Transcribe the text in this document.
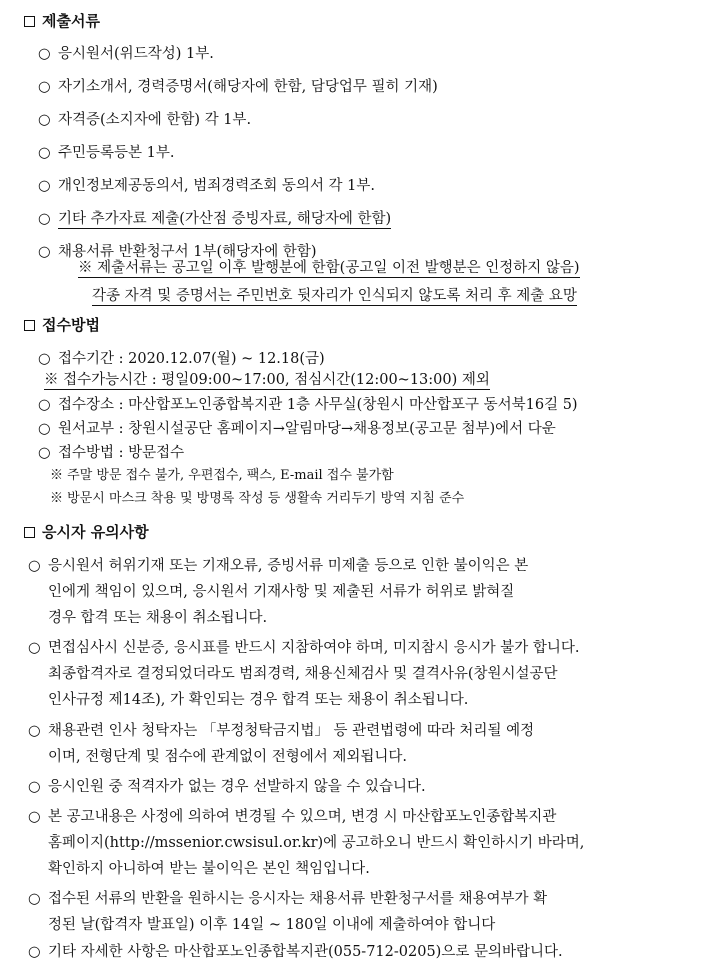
제출서류
○ 응시원서(위드작성) 1부.
○ 자기소개서, 경력증명서(해당자에 한함, 담당업무 필히 기재)
○ 자격증(소지자에 한함) 각 1부.
○ 주민등록등본 1부.
○ 개인정보제공동의서, 범죄경력조회 동의서 각 1부.
○ 기타 추가자료 제출(가산점 증빙자료, 해당자에 한함)
○ 채용서류 반환청구서 1부(해당자에 한함)
※ 제출서류는 공고일 이후 발행분에 한함(공고일 이전 발행분은 인정하지 않음)
각종 자격 및 증명서는 주민번호 뒷자리가 인식되지 않도록 처리 후 제출 요망
접수방법
○ 접수기간 : 2020.12.07(월) ~ 12.18(금)
※ 접수가능시간 : 평일09:00~17:00, 점심시간(12:00~13:00) 제외
○ 접수장소 : 마산합포노인종합복지관 1층 사무실(창원시 마산합포구 동서북16길 5)
○ 원서교부 : 창원시설공단 홈페이지→알림마당→채용정보(공고문 첨부)에서 다운
○ 접수방법 : 방문접수
※ 주말 방문 접수 불가, 우편접수, 팩스, E-mail 접수 불가함
※ 방문시 마스크 착용 및 방명록 작성 등 생활속 거리두기 방역 지침 준수
응시자 유의사항
○ 응시원서 허위기재 또는 기재오류, 증빙서류 미제출 등으로 인한 불이익은 본
인에게 책임이 있으며, 응시원서 기재사항 및 제출된 서류가 허위로 밝혀질
경우 합격 또는 채용이 취소됩니다.
○ 면접심사시 신분증, 응시표를 반드시 지참하여야 하며, 미지참시 응시가 불가 합니다.
최종합격자로 결정되었더라도 범죄경력, 채용신체검사 및 결격사유(창원시설공단
인사규정 제14조), 가 확인되는 경우 합격 또는 채용이 취소됩니다.
○ 채용관련 인사 청탁자는 「부정청탁금지법」 등 관련법령에 따라 처리될 예정
이며, 전형단계 및 점수에 관계없이 전형에서 제외됩니다.
○ 응시인원 중 적격자가 없는 경우 선발하지 않을 수 있습니다.
○ 본 공고내용은 사정에 의하여 변경될 수 있으며, 변경 시 마산합포노인종합복지관
홈페이지(http://mssenior.cwsisul.or.kr)에 공고하오니 반드시 확인하시기 바라며,
확인하지 아니하여 받는 불이익은 본인 책임입니다.
○ 접수된 서류의 반환을 원하시는 응시자는 채용서류 반환청구서를 채용여부가 확
정된 날(합격자 발표일) 이후 14일 ~ 180일 이내에 제출하여야 합니다
○ 기타 자세한 사항은 마산합포노인종합복지관(055-712-0205)으로 문의바랍니다.
